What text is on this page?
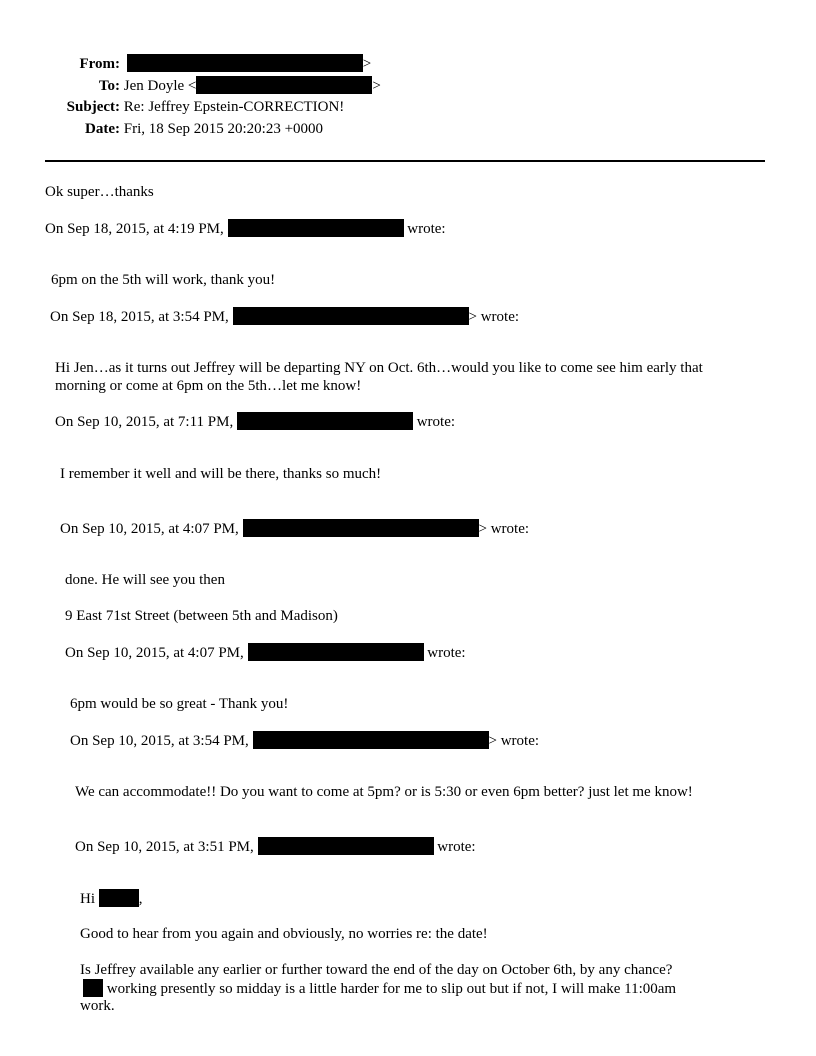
From:	>
To: Jen Doyle <	>
Subject: Re: Jeffrey Epstein-CORRECTION!
Date: Fri, 18 Sep 2015 20:20:23 +0000
Ok super…thanks
On Sep 18, 2015, at 4:19 PM,	wrote:
6pm on the 5th will work, thank you!
On Sep 18, 2015, at 3:54 PM,	> wrote:
Hi Jen…as it turns out Jeffrey will be departing NY on Oct. 6th…would you like to come see him early that morning or come at 6pm on the 5th…let me know!
On Sep 10, 2015, at 7:11 PM,	wrote:
I remember it well and will be there, thanks so much!
On Sep 10, 2015, at 4:07 PM,	> wrote:
done. He will see you then
9 East 71st Street (between 5th and Madison)
On Sep 10, 2015, at 4:07 PM,	wrote:
6pm would be so great - Thank you!
On Sep 10, 2015, at 3:54 PM,	> wrote:
We can accommodate!! Do you want to come at 5pm? or is 5:30 or even 6pm better? just let me know!
On Sep 10, 2015, at 3:51 PM,	wrote:
Hi	,
Good to hear from you again and obviously, no worries re: the date!
Is Jeffrey available any earlier or further toward the end of the day on October 6th, by any chance?
working presently so midday is a little harder for me to slip out but if not, I will make 11:00am
work.
